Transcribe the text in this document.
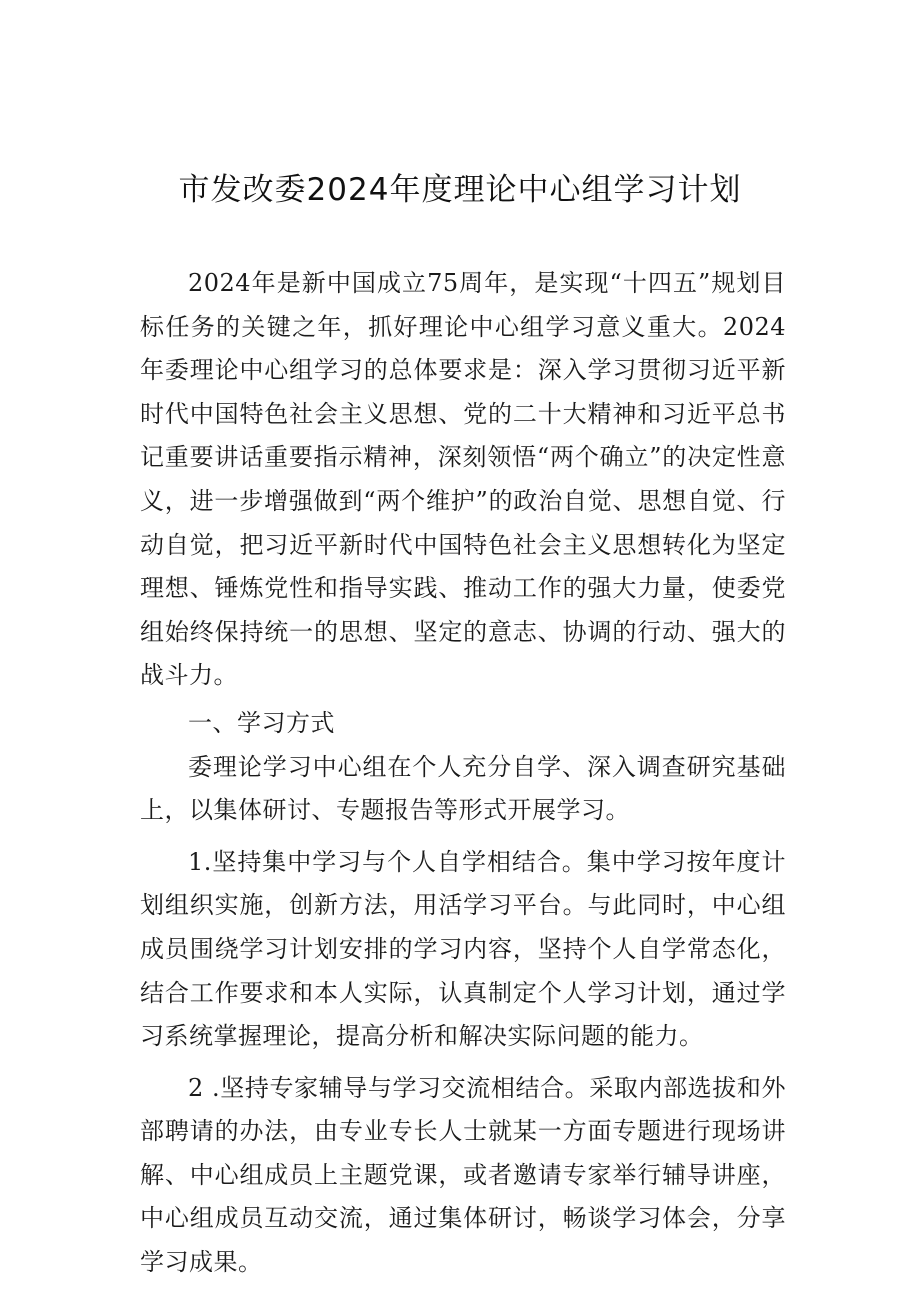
市发改委2024年度理论中心组学习计划

2024年是新中国成立75周年，是实现“十四五”规划目标任务的关键之年，抓好理论中心组学习意义重大。2024年委理论中心组学习的总体要求是：深入学习贯彻习近平新时代中国特色社会主义思想、党的二十大精神和习近平总书记重要讲话重要指示精神，深刻领悟“两个确立”的决定性意义，进一步增强做到“两个维护”的政治自觉、思想自觉、行动自觉，把习近平新时代中国特色社会主义思想转化为坚定理想、锤炼党性和指导实践、推动工作的强大力量，使委党组始终保持统一的思想、坚定的意志、协调的行动、强大的战斗力。

一、学习方式

委理论学习中心组在个人充分自学、深入调查研究基础上，以集体研讨、专题报告等形式开展学习。

1.坚持集中学习与个人自学相结合。集中学习按年度计划组织实施，创新方法，用活学习平台。与此同时，中心组成员围绕学习计划安排的学习内容，坚持个人自学常态化，结合工作要求和本人实际，认真制定个人学习计划，通过学习系统掌握理论，提高分析和解决实际问题的能力。

2 .坚持专家辅导与学习交流相结合。采取内部选拔和外部聘请的办法，由专业专长人士就某一方面专题进行现场讲解、中心组成员上主题党课，或者邀请专家举行辅导讲座，中心组成员互动交流，通过集体研讨，畅谈学习体会，分享学习成果。
